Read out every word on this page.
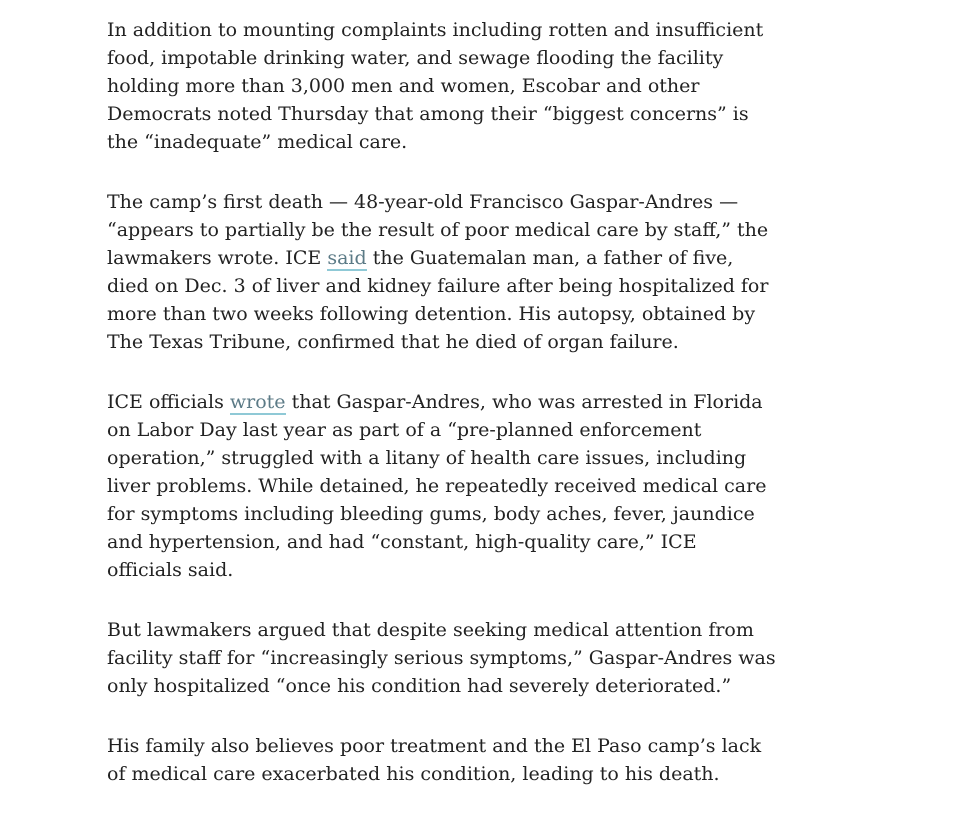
In addition to mounting complaints including rotten and insufficient food, impotable drinking water, and sewage flooding the facility holding more than 3,000 men and women, Escobar and other Democrats noted Thursday that among their “biggest concerns” is the “inadequate” medical care.

The camp’s first death — 48-year-old Francisco Gaspar-Andres — “appears to partially be the result of poor medical care by staff,” the lawmakers wrote. ICE said the Guatemalan man, a father of five, died on Dec. 3 of liver and kidney failure after being hospitalized for more than two weeks following detention. His autopsy, obtained by The Texas Tribune, confirmed that he died of organ failure.

ICE officials wrote that Gaspar-Andres, who was arrested in Florida on Labor Day last year as part of a “pre-planned enforcement operation,” struggled with a litany of health care issues, including liver problems. While detained, he repeatedly received medical care for symptoms including bleeding gums, body aches, fever, jaundice and hypertension, and had “constant, high-quality care,” ICE officials said.

But lawmakers argued that despite seeking medical attention from facility staff for “increasingly serious symptoms,” Gaspar-Andres was only hospitalized “once his condition had severely deteriorated.”

His family also believes poor treatment and the El Paso camp’s lack of medical care exacerbated his condition, leading to his death.
